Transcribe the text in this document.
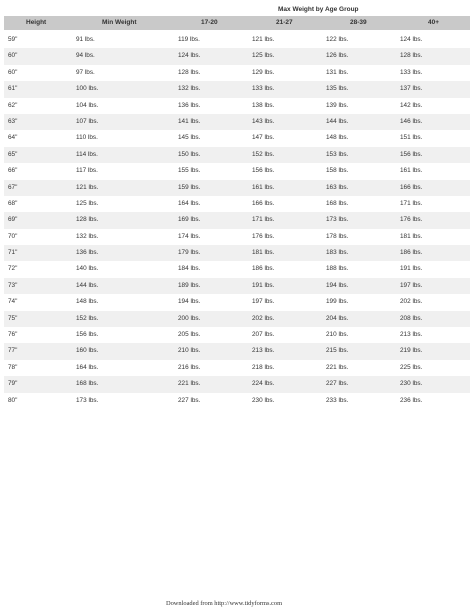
Max Weight by Age Group
Height	Min Weight	17-20	21-27	28-39	40+
59"	91 lbs.	119 lbs.	121 lbs.	122 lbs.	124 lbs.
60"	94 lbs.	124 lbs.	125 lbs.	126 lbs.	128 lbs.
60"	97 lbs.	128 lbs.	129 lbs.	131 lbs.	133 lbs.
61"	100 lbs.	132 lbs.	133 lbs.	135 lbs.	137 lbs.
62"	104 lbs.	136 lbs.	138 lbs.	139 lbs.	142 lbs.
63"	107 lbs.	141 lbs.	143 lbs.	144 lbs.	146 lbs.
64"	110 lbs.	145 lbs.	147 lbs.	148 lbs.	151 lbs.
65"	114 lbs.	150 lbs.	152 lbs.	153 lbs.	156 lbs.
66"	117 lbs.	155 lbs.	156 lbs.	158 lbs.	161 lbs.
67"	121 lbs.	159 lbs.	161 lbs.	163 lbs.	166 lbs.
68"	125 lbs.	164 lbs.	166 lbs.	168 lbs.	171 lbs.
69"	128 lbs.	169 lbs.	171 lbs.	173 lbs.	176 lbs.
70"	132 lbs.	174 lbs.	176 lbs.	178 lbs.	181 lbs.
71"	136 lbs.	179 lbs.	181 lbs.	183 lbs.	186 lbs.
72"	140 lbs.	184 lbs.	186 lbs.	188 lbs.	191 lbs.
73"	144 lbs.	189 lbs.	191 lbs.	194 lbs.	197 lbs.
74"	148 lbs.	194 lbs.	197 lbs.	199 lbs.	202 lbs.
75"	152 lbs.	200 lbs.	202 lbs.	204 lbs.	208 lbs.
76"	156 lbs.	205 lbs.	207 lbs.	210 lbs.	213 lbs.
77"	160 lbs.	210 lbs.	213 lbs.	215 lbs.	219 lbs.
78"	164 lbs.	216 lbs.	218 lbs.	221 lbs.	225 lbs.
79"	168 lbs.	221 lbs.	224 lbs.	227 lbs.	230 lbs.
80"	173 lbs.	227 lbs.	230 lbs.	233 lbs.	236 lbs.
Downloaded from http://www.tidyforms.com
